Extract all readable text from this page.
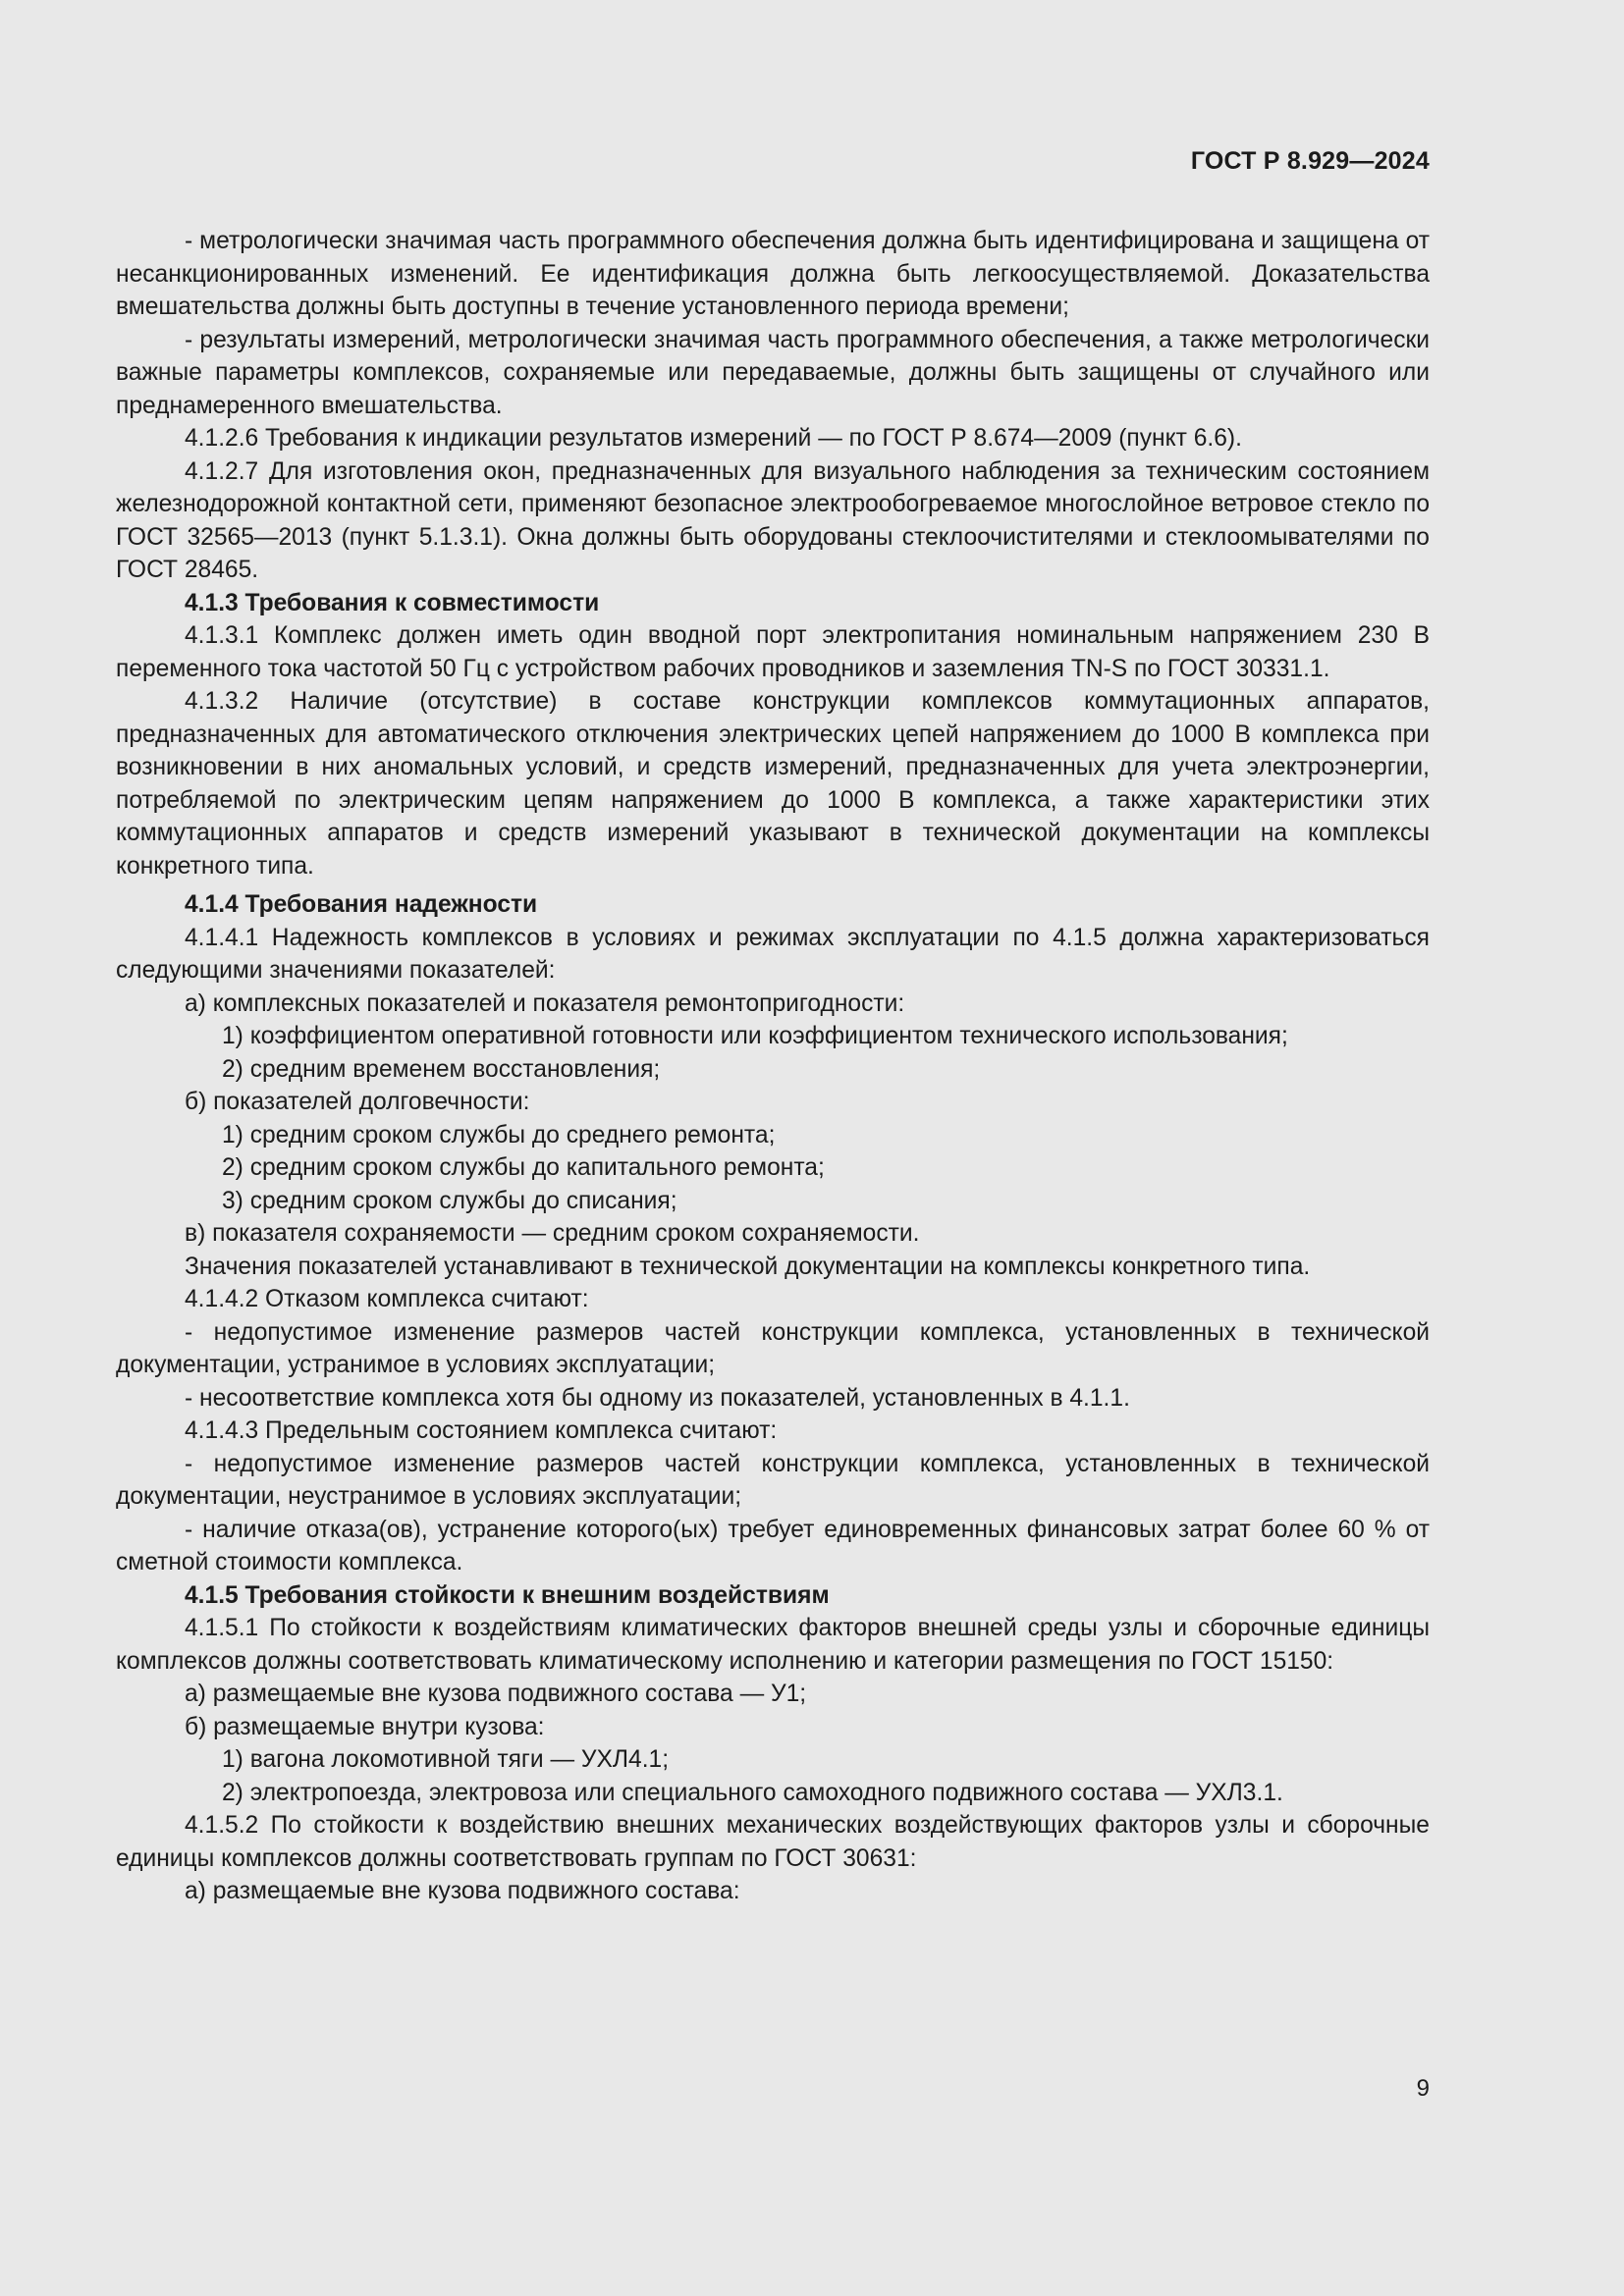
ГОСТ Р 8.929—2024

- метрологически значимая часть программного обеспечения должна быть идентифицирована и защищена от несанкционированных изменений. Ее идентификация должна быть легкоосуществляемой. Доказательства вмешательства должны быть доступны в течение установленного периода времени;

- результаты измерений, метрологически значимая часть программного обеспечения, а также метрологически важные параметры комплексов, сохраняемые или передаваемые, должны быть защищены от случайного или преднамеренного вмешательства.

4.1.2.6 Требования к индикации результатов измерений — по ГОСТ Р 8.674—2009 (пункт 6.6).

4.1.2.7 Для изготовления окон, предназначенных для визуального наблюдения за техническим состоянием железнодорожной контактной сети, применяют безопасное электрообогреваемое многослойное ветровое стекло по ГОСТ 32565—2013 (пункт 5.1.3.1). Окна должны быть оборудованы стеклоочистителями и стеклоомывателями по ГОСТ 28465.

4.1.3 Требования к совместимости

4.1.3.1 Комплекс должен иметь один вводной порт электропитания номинальным напряжением 230 В переменного тока частотой 50 Гц с устройством рабочих проводников и заземления TN-S по ГОСТ 30331.1.

4.1.3.2 Наличие (отсутствие) в составе конструкции комплексов коммутационных аппаратов, предназначенных для автоматического отключения электрических цепей напряжением до 1000 В комплекса при возникновении в них аномальных условий, и средств измерений, предназначенных для учета электроэнергии, потребляемой по электрическим цепям напряжением до 1000 В комплекса, а также характеристики этих коммутационных аппаратов и средств измерений указывают в технической документации на комплексы конкретного типа.

4.1.4 Требования надежности

4.1.4.1 Надежность комплексов в условиях и режимах эксплуатации по 4.1.5 должна характеризоваться следующими значениями показателей:

а) комплексных показателей и показателя ремонтопригодности:

1) коэффициентом оперативной готовности или коэффициентом технического использования;

2) средним временем восстановления;

б) показателей долговечности:

1) средним сроком службы до среднего ремонта;

2) средним сроком службы до капитального ремонта;

3) средним сроком службы до списания;

в) показателя сохраняемости — средним сроком сохраняемости.

Значения показателей устанавливают в технической документации на комплексы конкретного типа.

4.1.4.2 Отказом комплекса считают:

- недопустимое изменение размеров частей конструкции комплекса, установленных в технической документации, устранимое в условиях эксплуатации;

- несоответствие комплекса хотя бы одному из показателей, установленных в 4.1.1.

4.1.4.3 Предельным состоянием комплекса считают:

- недопустимое изменение размеров частей конструкции комплекса, установленных в технической документации, неустранимое в условиях эксплуатации;

- наличие отказа(ов), устранение которого(ых) требует единовременных финансовых затрат более 60 % от сметной стоимости комплекса.

4.1.5 Требования стойкости к внешним воздействиям

4.1.5.1 По стойкости к воздействиям климатических факторов внешней среды узлы и сборочные единицы комплексов должны соответствовать климатическому исполнению и категории размещения по ГОСТ 15150:

а) размещаемые вне кузова подвижного состава — У1;

б) размещаемые внутри кузова:

1) вагона локомотивной тяги — УХЛ4.1;

2) электропоезда, электровоза или специального самоходного подвижного состава — УХЛ3.1.

4.1.5.2 По стойкости к воздействию внешних механических воздействующих факторов узлы и сборочные единицы комплексов должны соответствовать группам по ГОСТ 30631:

а) размещаемые вне кузова подвижного состава:

9
